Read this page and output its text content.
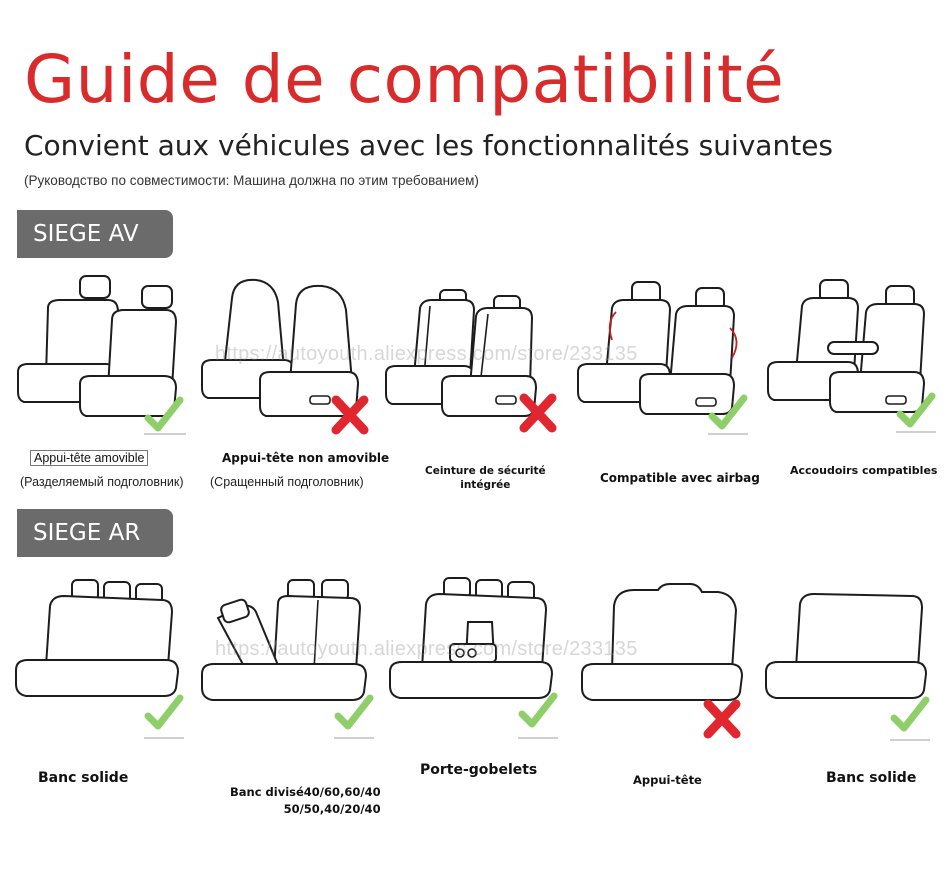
Guide de compatibilité
Convient aux véhicules avec les fonctionnalités suivantes
(Руководство по совместимости: Машина должна по этим требованием)
SIEGE AV
Appui-tête amovible
(Разделяемый подголовник)
Appui-tête non amovible
(Сращенный подголовник)
Ceinture de sécurité
intégrée	Compatible avec airbag
Accoudoirs compatibles
SIEGE AR
Banc solide
Banc divisé40/60,60/40
50/50,40/20/40
Porte-gobelets
Appui-tête	Banc solide
https://autoyouth.aliexpress.com/store/233135
https://autoyouth.aliexpress.com/store/233135
